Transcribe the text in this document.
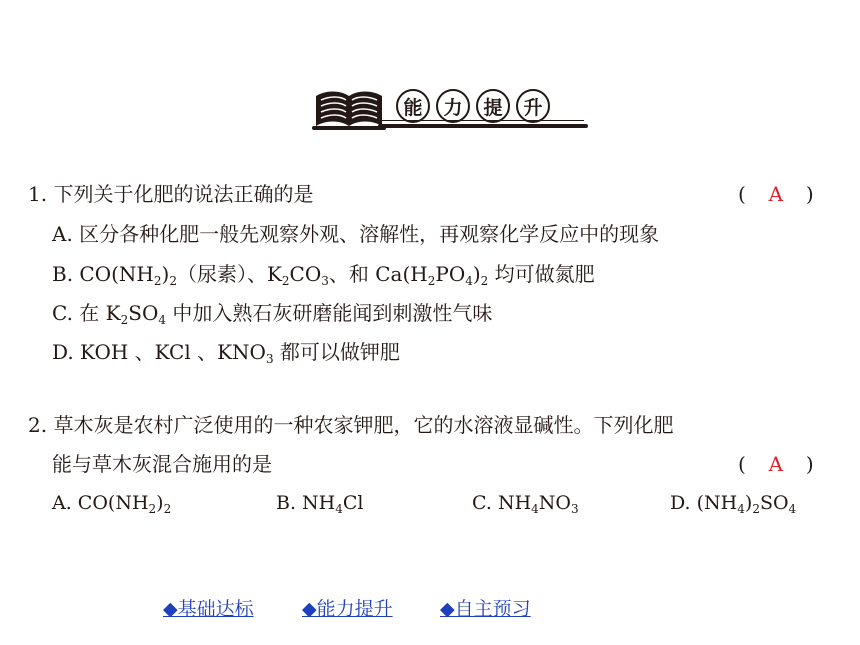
能	力	提	升
1. 下列关于化肥的说法正确的是	( A )
A. 区分各种化肥一般先观察外观、溶解性，再观察化学反应中的现象
B. $CO(NH_2)_2$（尿素）、$K_2CO_3$、和 $Ca(H_2PO_4)_2$ 均可做氮肥
C. 在 $K_2SO_4$ 中加入熟石灰研磨能闻到刺激性气味
D. KOH 、KCl 、$KNO_3$ 都可以做钾肥
2. 草木灰是农村广泛使用的一种农家钾肥，它的水溶液显碱性。下列化肥
能与草木灰混合施用的是	( A )
A. $CO(NH_2)_2$	B. $NH_4Cl$	C. $NH_4NO_3$	D. $(NH_4)_2SO_4$
◆基础达标	◆能力提升 ◆自主预习
